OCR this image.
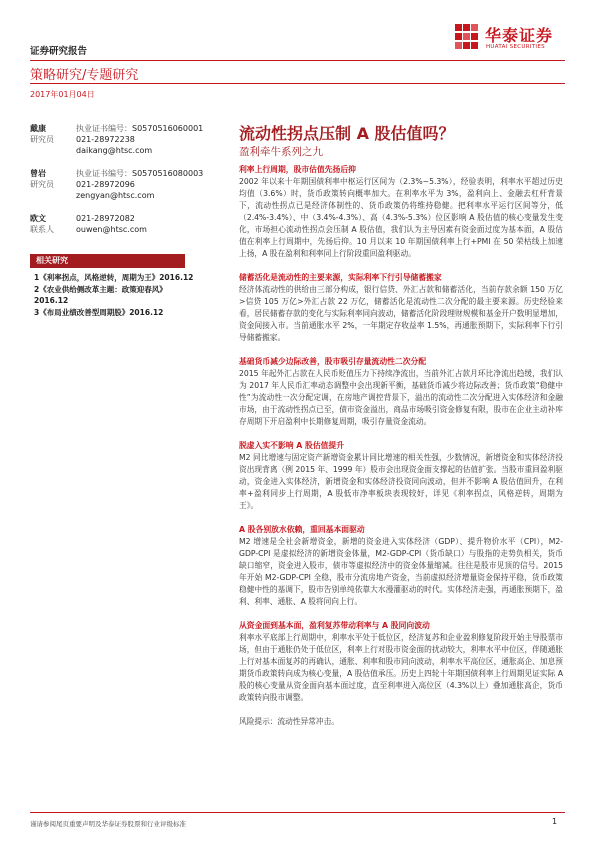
证券研究报告
华泰证券
HUATAI SECURITIES
策略研究/专题研究
2017年01月04日
戴康	执业证书编号： S0570516060001
研究员	021-28972238
daikang@htsc.com
曾岩	执业证书编号： S0570516080003
研究员	021-28972096
zengyan@htsc.com
欧文	021-28972082
联系人	ouwen@htsc.com
相关研究
1《利率拐点，风格逆转，周期为王》2016.12
2《农业供给侧改革主题：政策迎春风》2016.12
3《布局业绩改善型周期股》2016.12
流动性拐点压制 A 股估值吗？
盈利牵牛系列之九
利率上行周期，股市估值先扬后抑
2002 年以来十年期国债利率中枢运行区间为（2.3%~5.3%），经验表明，利率水平超过历史均值（3.6%）时，货币政策转向概率加大。在利率水平为 3%，盈利向上、金融去杠杆背景下，流动性拐点已是经济体制性的、货币政策仍将维持稳健。把利率水平运行区间等分，低（2.4%-3.4%）、中（3.4%-4.3%）、高（4.3%-5.3%）位区影响 A 股估值的核心变量发生变化，市场担心流动性拐点会压制 A 股估值，我们认为主导因素有资金面过度为基本面，A 股估值在利率上行周期中，先扬后抑。10 月以来 10 年期国债利率上行+PMI 在 50 荣枯线上加速上扬，A 股在盈利和利率同上行阶段重回盈利驱动。
储蓄活化是流动性的主要来源，实际利率下行引导储蓄搬家
经济体流动性的供给由三部分构成，银行信贷、外汇占款和储蓄活化，当前存款余额 150 万亿>信贷 105 万亿>外汇占款 22 万亿，储蓄活化是流动性二次分配的最主要来源。历史经验来看，居民储蓄存款的变化与实际利率同向波动，储蓄活化阶段理财规模和基金开户数明显增加，资金间接入市。当前通胀水平 2%，一年期定存收益率 1.5%，再通胀预期下，实际利率下行引导储蓄搬家。
基础货币减少边际改善，股市吸引存量流动性二次分配
2015 年起外汇占款在人民币贬值压力下持续净流出，当前外汇占款月环比净流出趋缓，我们认为 2017 年人民币汇率动态调整中会出现新平衡，基础货币减少将边际改善；货币政策“稳健中性”为流动性一次分配定调，在房地产调控背景下，溢出的流动性二次分配进入实体经济和金融市场，由于流动性拐点已至，债市资金溢出，商品市场吸引资金修复有限，股市在企业主动补库存周期下开启盈利中长期修复周期，吸引存量资金流动。
脱虚入实不影响 A 股估值提升
M2 同比增速与固定资产新增资金累计同比增速的相关性强，少数情况，新增资金和实体经济投资出现背离（例 2015 年、1999 年）股市会出现资金面支撑起的估值扩张。当股市重回盈利驱动，资金进入实体经济，新增资金和实体经济投资同向波动，但并不影响 A 股估值回升，在利率+盈利同步上行周期，A 股低市净率板块表现较好，详见《利率拐点，风格逆转，周期为王》。
A 股各别放水依赖，重回基本面驱动
M2 增速是全社会新增资金，新增的资金进入实体经济（GDP）、提升物价水平（CPI），M2-GDP-CPI 是虚拟经济的新增资金体量，M2-GDP-CPI（货币缺口）与股指的走势负相关，货币缺口缩窄，资金进入股市，债市等虚拟经济中的资金体量缩减。往往是股市见顶的信号。2015 年开始 M2-GDP-CPI 全稳，股市分流房地产资金，当前虚拟经济增量资金保持平稳，货币政策稳健中性的基调下，股市告别单纯依靠大水漫灌驱动的时代。实体经济走强，再通胀预期下，盈利、利率、通胀、A 股将同向上行。
从资金面到基本面，盈利复苏带动利率与 A 股同向波动
利率水平底部上行周期中，利率水平处于低位区，经济复苏和企业盈利修复阶段开始主导股票市场，但由于通胀仍处于低位区，利率上行对股市资金面的扰动较大，利率水平中位区，伴随通胀上行对基本面复苏的再确认，通胀、利率和股市同向波动，利率水平高位区，通胀高企、加息预期货币政策转向成为核心变量，A 股估值承压。历史上四轮十年期国债利率上行周期见证实际 A 股的核心变量从资金面向基本面过度，直至利率进入高位区（4.3%以上）叠加通胀高企，货币政策转向股市调整。
风险提示：流动性异常冲击。
谨请参阅尾页重要声明及华泰证券股票和行业评级标准	1
